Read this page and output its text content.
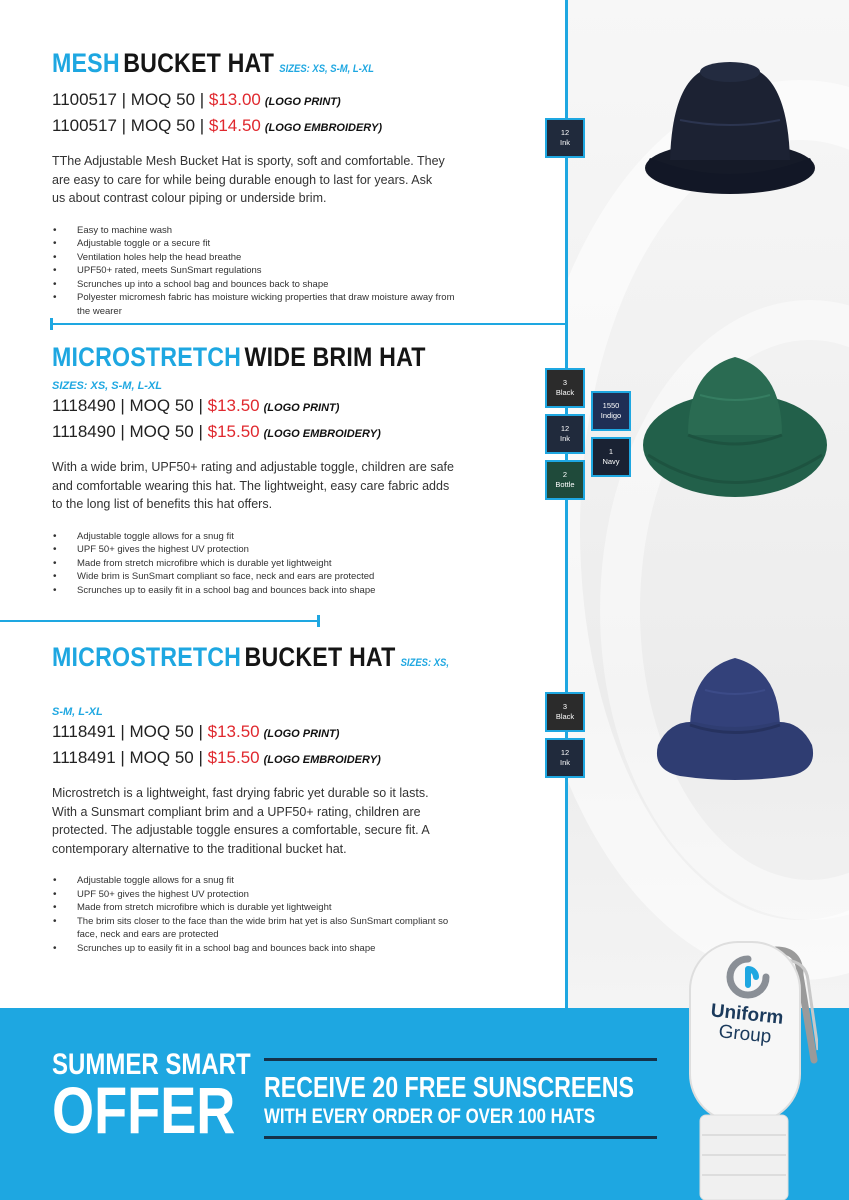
MESH BUCKET HAT SIZES: XS, S-M, L-XL
1100517 | MOQ 50 | $13.00 (LOGO PRINT)
1100517 | MOQ 50 | $14.50 (LOGO EMBROIDERY)
TThe Adjustable Mesh Bucket Hat is sporty, soft and comfortable. They are easy to care for while being durable enough to last for years. Ask us about contrast colour piping or underside brim.
• Easy to machine wash
• Adjustable toggle or a secure fit
• Ventilation holes help the head breathe
• UPF50+ rated, meets SunSmart regulations
• Scrunches up into a school bag and bounces back to shape
• Polyester micromesh fabric has moisture wicking properties that draw moisture away from the wearer
12
Ink
MICROSTRETCH WIDE BRIM HAT
SIZES: XS, S-M, L-XL
1118490 | MOQ 50 | $13.50 (LOGO PRINT)
1118490 | MOQ 50 | $15.50 (LOGO EMBROIDERY)
With a wide brim, UPF50+ rating and adjustable toggle, children are safe and comfortable wearing this hat. The lightweight, easy care fabric adds to the long list of benefits this hat offers.
• Adjustable toggle allows for a snug fit
• UPF 50+ gives the highest UV protection
• Made from stretch microfibre which is durable yet lightweight
• Wide brim is SunSmart compliant so face, neck and ears are protected
• Scrunches up to easily fit in a school bag and bounces back into shape
3
Black
12
Ink
2
Bottle
1550
Indigo
1
Navy
MICROSTRETCH BUCKET HAT SIZES: XS,
S-M, L-XL
1118491 | MOQ 50 | $13.50 (LOGO PRINT)
1118491 | MOQ 50 | $15.50 (LOGO EMBROIDERY)
Microstretch is a lightweight, fast drying fabric yet durable so it lasts. With a Sunsmart compliant brim and a UPF50+ rating, children are protected. The adjustable toggle ensures a comfortable, secure fit. A contemporary alternative to the traditional bucket hat.
• Adjustable toggle allows for a snug fit
• UPF 50+ gives the highest UV protection
• Made from stretch microfibre which is durable yet lightweight
• The brim sits closer to the face than the wide brim hat yet is also SunSmart compliant so face, neck and ears are protected
• Scrunches up to easily fit in a school bag and bounces back into shape
3
Black
12
Ink
SUMMER SMART
OFFER RECEIVE 20 FREE SUNSCREENS
WITH EVERY ORDER OF OVER 100 HATS
Uniform
Group
